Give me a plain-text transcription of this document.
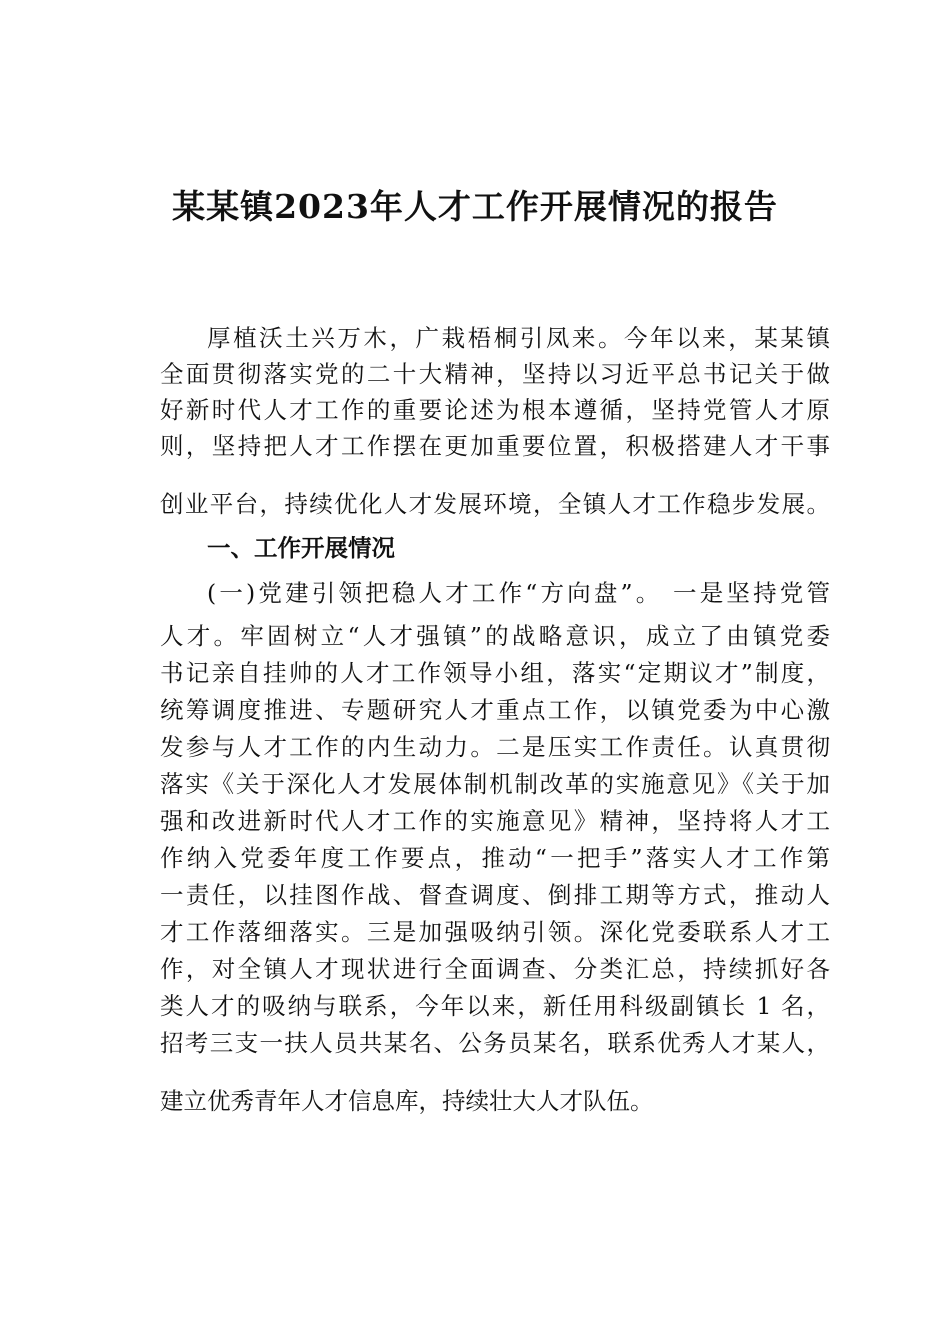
某某镇2023年人才工作开展情况的报告

厚植沃土兴万木，广栽梧桐引凤来。今年以来，某某镇

全面贯彻落实党的二十大精神，坚持以习近平总书记关于做

好新时代人才工作的重要论述为根本遵循，坚持党管人才原

则，坚持把人才工作摆在更加重要位置，积极搭建人才干事

创业平台，持续优化人才发展环境，全镇人才工作稳步发展。

一、工作开展情况

(一)党建引领把稳人才工作“方向盘”。 一是坚持党管

人才。牢固树立“人才强镇”的战略意识，成立了由镇党委

书记亲自挂帅的人才工作领导小组，落实“定期议才”制度，

统筹调度推进、专题研究人才重点工作，以镇党委为中心激

发参与人才工作的内生动力。二是压实工作责任。认真贯彻

落实《关于深化人才发展体制机制改革的实施意见》《关于加

强和改进新时代人才工作的实施意见》精神，坚持将人才工

作纳入党委年度工作要点，推动“一把手”落实人才工作第

一责任，以挂图作战、督查调度、倒排工期等方式，推动人

才工作落细落实。三是加强吸纳引领。深化党委联系人才工

作，对全镇人才现状进行全面调查、分类汇总，持续抓好各

类人才的吸纳与联系，今年以来，新任用科级副镇长 1 名，

招考三支一扶人员共某名、公务员某名，联系优秀人才某人，

建立优秀青年人才信息库，持续壮大人才队伍。
